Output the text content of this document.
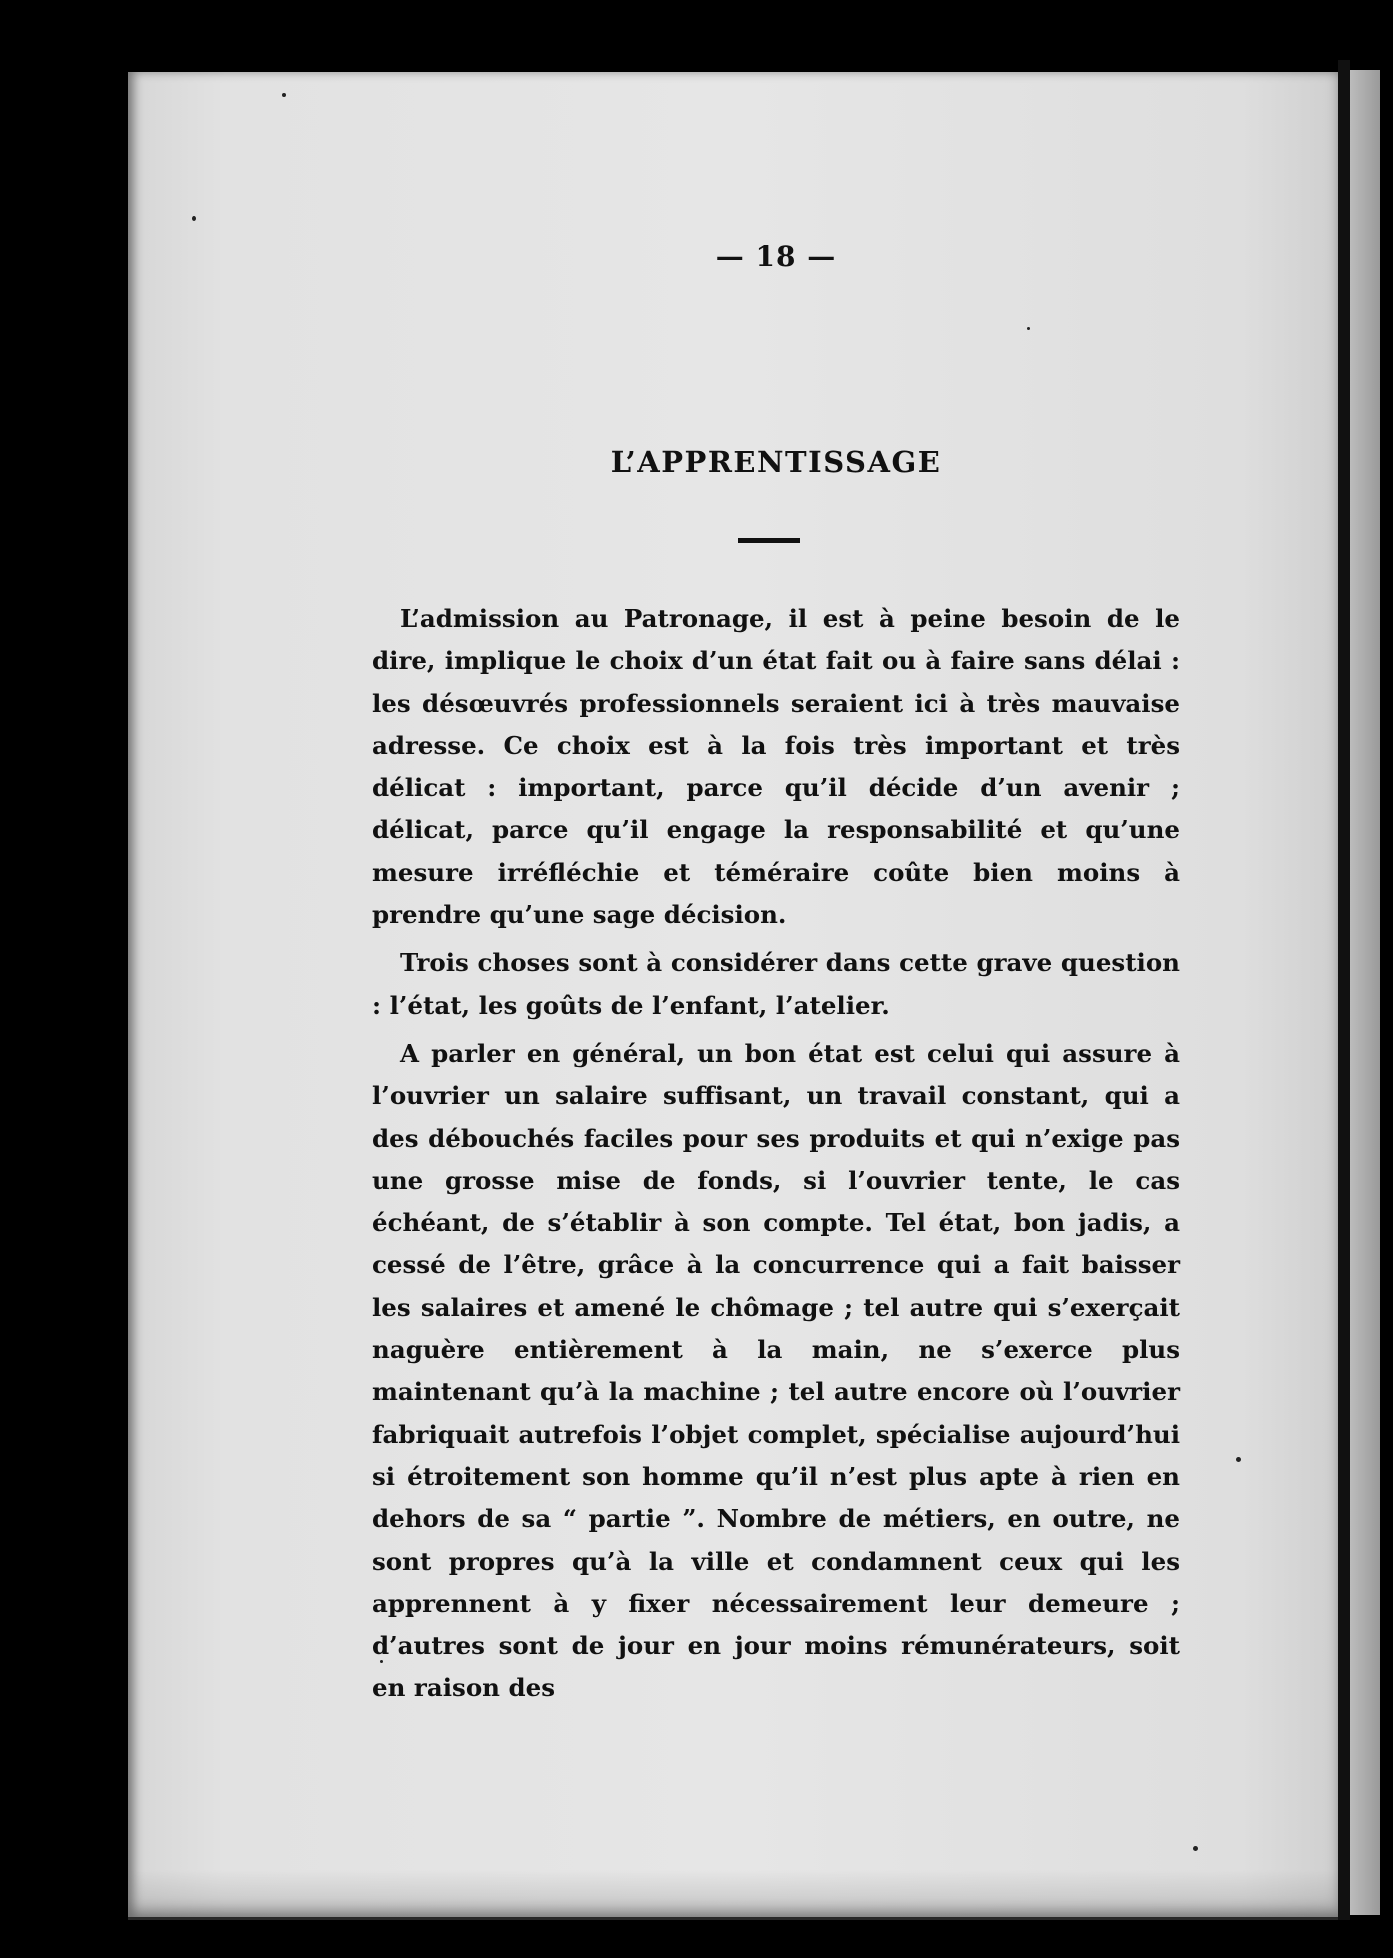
— 18 —

L’APPRENTISSAGE

L’admission au Patronage, il est à peine besoin de le dire, implique le choix d’un état fait ou à faire sans délai : les désœuvrés professionnels seraient ici à très mauvaise adresse. Ce choix est à la fois très important et très délicat : important, parce qu’il décide d’un avenir ; délicat, parce qu’il engage la responsabilité et qu’une mesure irréfléchie et téméraire coûte bien moins à prendre qu’une sage décision.

Trois choses sont à considérer dans cette grave question : l’état, les goûts de l’enfant, l’atelier.

A parler en général, un bon état est celui qui assure à l’ouvrier un salaire suffisant, un travail constant, qui a des débouchés faciles pour ses produits et qui n’exige pas une grosse mise de fonds, si l’ouvrier tente, le cas échéant, de s’établir à son compte. Tel état, bon jadis, a cessé de l’être, grâce à la concurrence qui a fait baisser les salaires et amené le chômage ; tel autre qui s’exerçait naguère entièrement à la main, ne s’exerce plus maintenant qu’à la machine ; tel autre encore où l’ouvrier fabriquait autrefois l’objet complet, spécialise aujourd’hui si étroitement son homme qu’il n’est plus apte à rien en dehors de sa “ partie ”. Nombre de métiers, en outre, ne sont propres qu’à la ville et condamnent ceux qui les apprennent à y fixer nécessairement leur demeure ; d’autres sont de jour en jour moins rémunérateurs, soit en raison des
